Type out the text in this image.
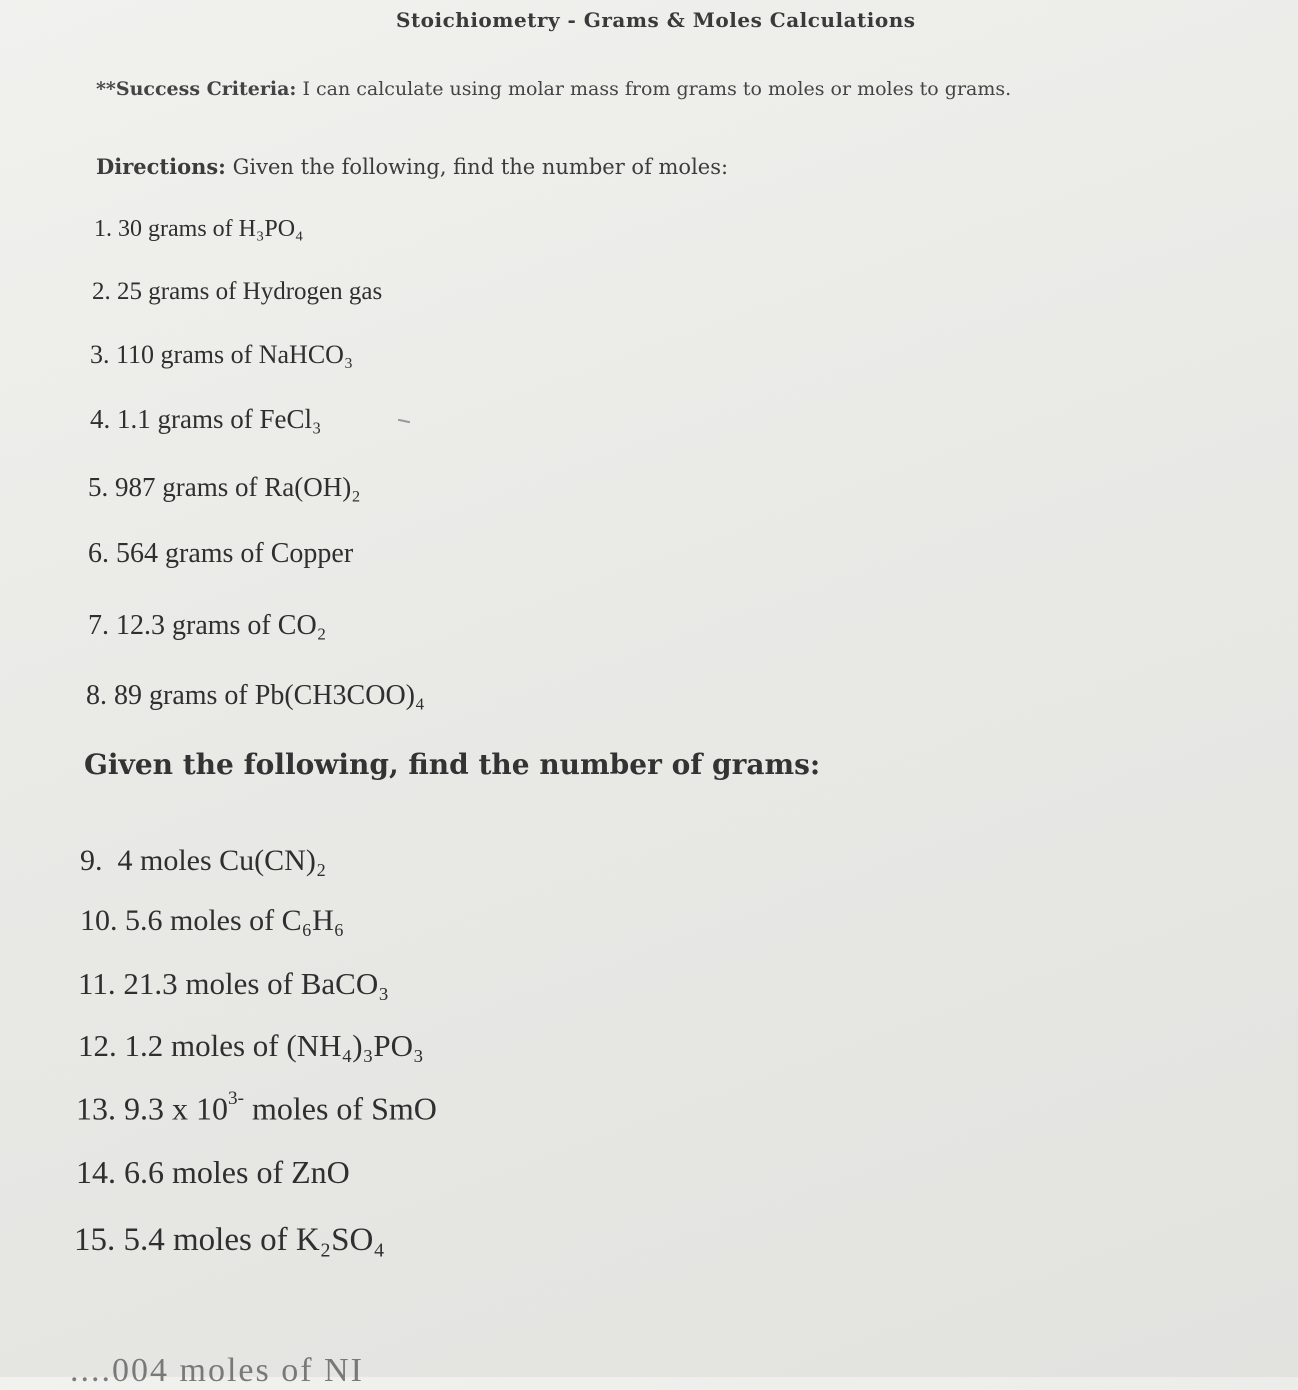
Stoichiometry - Grams & Moles Calculations
**Success Criteria: I can calculate using molar mass from grams to moles or moles to grams.
Directions: Given the following, find the number of moles:
1. 30 grams of H₃PO₄
2. 25 grams of Hydrogen gas
3. 110 grams of NaHCO₃
4. 1.1 grams of FeCl₃
5. 987 grams of Ra(OH)₂
6. 564 grams of Copper
7. 12.3 grams of CO₂
8. 89 grams of Pb(CH3COO)₄
Given the following, find the number of grams:
9. 4 moles Cu(CN)₂
10. 5.6 moles of C₆H₆
11. 21.3 moles of BaCO₃
12. 1.2 moles of (NH₄)₃PO₃
13. 9.3 x $10^{3-}$ moles of SmO
14. 6.6 moles of ZnO
15. 5.4 moles of K₂SO₄
....004 moles of NI
